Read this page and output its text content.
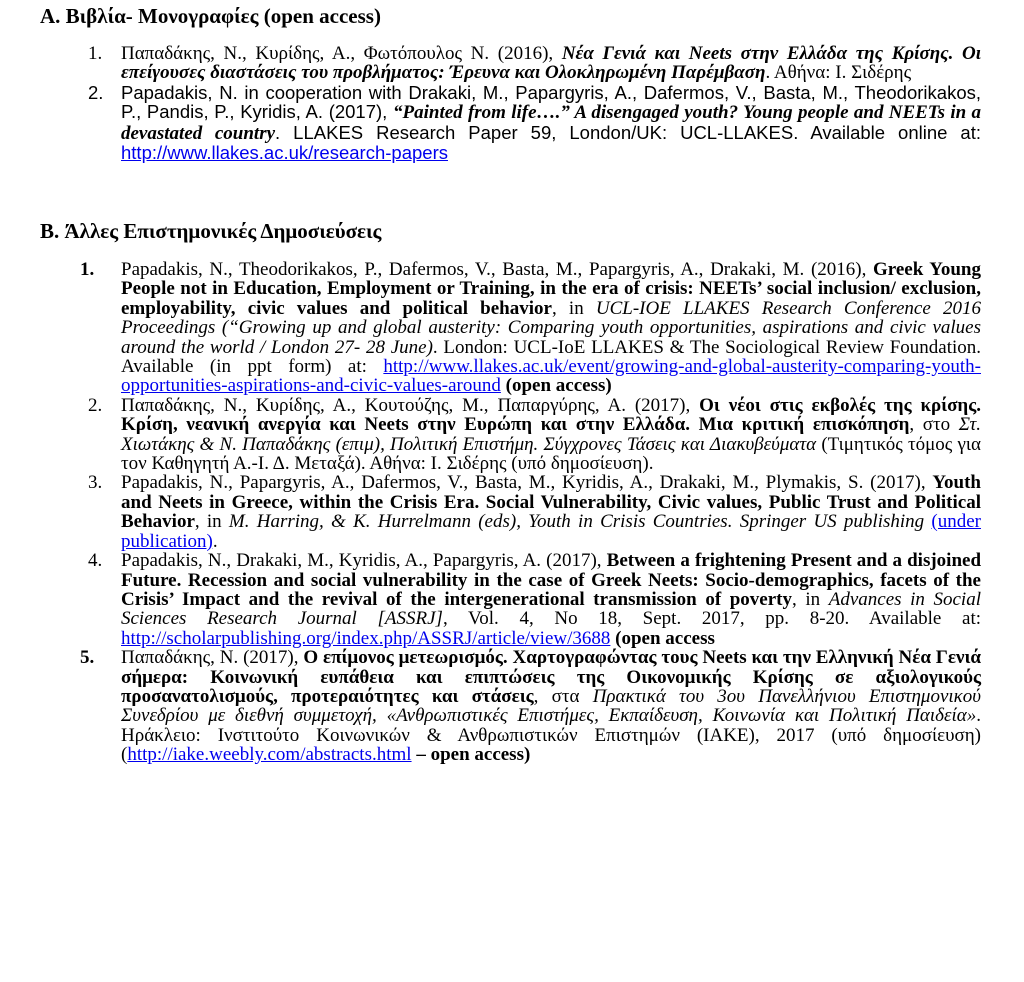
A. Βιβλία- Μονογραφίες (open access)
1. Παπαδάκης, Ν., Κυρίδης, Α., Φωτόπουλος Ν. (2016), Νέα Γενιά και Neets στην Ελλάδα της Κρίσης. Οι επείγουσες διαστάσεις του προβλήματος: Έρευνα και Ολοκληρωμένη Παρέμβαση. Αθήνα: Ι. Σιδέρης
2. Papadakis, N. in cooperation with Drakaki, M., Papargyris, A., Dafermos, V., Basta, M., Theodorikakos, P., Pandis, P., Kyridis, A. (2017), “Painted from life….” A disengaged youth? Young people and NEETs in a devastated country. LLAKES Research Paper 59, London/UK: UCL-LLAKES. Available online at: http://www.llakes.ac.uk/research-papers
B. Άλλες Επιστημονικές Δημοσιεύσεις
1.	Papadakis, N., Theodorikakos, P., Dafermos, V., Basta, M., Papargyris, A., Drakaki, M. (2016), Greek Young People not in Education, Employment or Training, in the era of crisis: NEETs’ social inclusion/ exclusion, employability, civic values and political behavior, in UCL-IOE LLAKES Research Conference 2016 Proceedings (“Growing up and global austerity: Comparing youth opportunities, aspirations and civic values around the world / London 27- 28 June). London: UCL-IoE LLAKES & The Sociological Review Foundation. Available (in ppt form) at: http://www.llakes.ac.uk/event/growing-and-global-austerity-comparing-youth-opportunities-aspirations-and-civic-values-around (open access)
2. Παπαδάκης, Ν., Κυρίδης, Α., Κουτούζης, Μ., Παπαργύρης, Α. (2017), Οι νέοι στις εκβολές της κρίσης. Κρίση, νεανική ανεργία και Neets στην Ευρώπη και στην Ελλάδα. Μια κριτική επισκόπηση, στο Στ. Χιωτάκης & Ν. Παπαδάκης (επιμ), Πολιτική Επιστήμη. Σύγχρονες Τάσεις και Διακυβεύματα (Τιμητικός τόμος για τον Καθηγητή Α.-Ι. Δ. Μεταξά). Αθήνα: Ι. Σιδέρης (υπό δημοσίευση).
3. Papadakis, N., Papargyris, A., Dafermos, V., Basta, M., Kyridis, A., Drakaki, M., Plymakis, S. (2017), Youth and Neets in Greece, within the Crisis Era. Social Vulnerability, Civic values, Public Trust and Political Behavior, in M. Harring, & K. Hurrelmann (eds), Youth in Crisis Countries. Springer US publishing (under publication).
4. Papadakis, N., Drakaki, M., Kyridis, A., Papargyris, A. (2017), Between a frightening Present and a disjoined Future. Recession and social vulnerability in the case of Greek Neets: Socio-demographics, facets of the Crisis’ Impact and the revival of the intergenerational transmission of poverty, in Advances in Social Sciences Research Journal [ASSRJ], Vol. 4, No 18, Sept. 2017, pp. 8-20. Available at: http://scholarpublishing.org/index.php/ASSRJ/article/view/3688 (open access
5.	Παπαδάκης, Ν. (2017), Ο επίμονος μετεωρισμός. Χαρτογραφώντας τους Neets και την Ελληνική Νέα Γενιά σήμερα: Κοινωνική ευπάθεια και επιπτώσεις της Οικονομικής Κρίσης σε αξιολογικούς προσανατολισμούς, προτεραιότητες και στάσεις, στα Πρακτικά του 3ου Πανελλήνιου Επιστημονικού Συνεδρίου με διεθνή συμμετοχή, «Ανθρωπιστικές Επιστήμες, Εκπαίδευση, Κοινωνία και Πολιτική Παιδεία». Ηράκλειο: Ινστιτούτο Κοινωνικών & Ανθρωπιστικών Επιστημών (ΙΑΚΕ), 2017 (υπό δημοσίευση) (http://iake.weebly.com/abstracts.html – open access)
